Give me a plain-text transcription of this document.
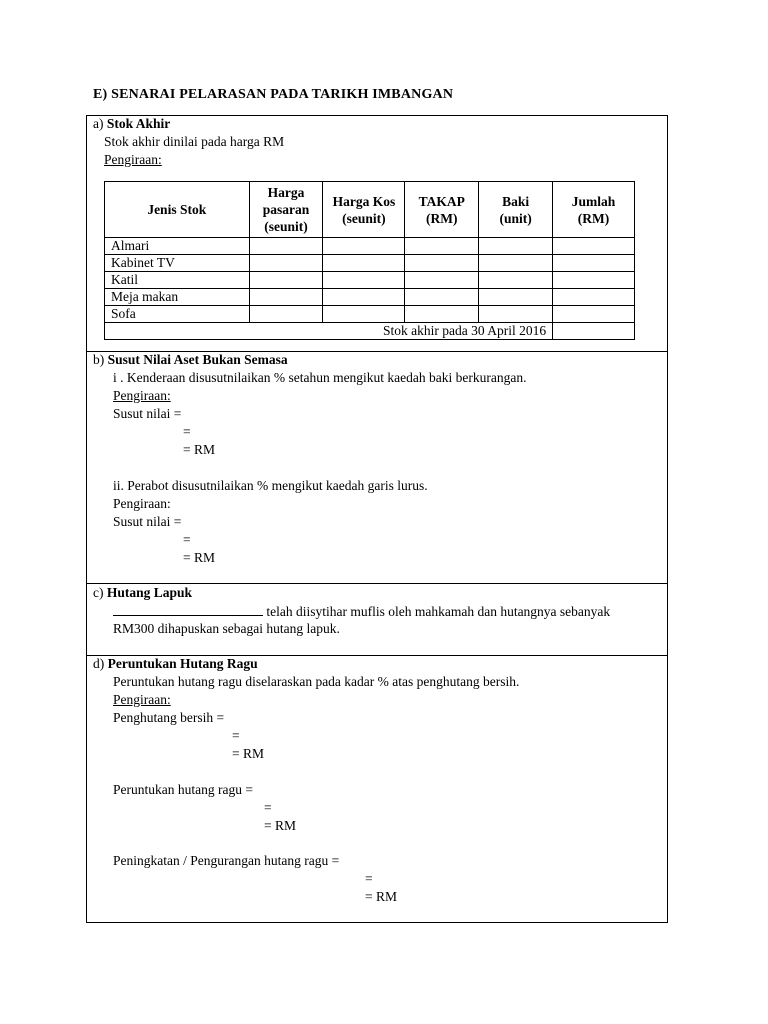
E) SENARAI PELARASAN PADA TARIKH IMBANGAN
a) Stok Akhir
Stok akhir dinilai pada harga RM
Pengiraan:
Jenis Stok	Harga pasaran (seunit)	Harga Kos (seunit)	TAKAP (RM)	Baki (unit)	Jumlah (RM)
Almari					
Kabinet TV					
Katil					
Meja makan					
Sofa					
Stok akhir pada 30 April 2016					
b) Susut Nilai Aset Bukan Semasa
i . Kenderaan disusutnilaikan % setahun mengikut kaedah baki berkurangan.
Pengiraan:
Susut nilai =
=
= RM
ii. Perabot disusutnilaikan % mengikut kaedah garis lurus.
Pengiraan:
Susut nilai =
=
= RM
c) Hutang Lapuk
telah diisytihar muflis oleh mahkamah dan hutangnya sebanyak
RM300 dihapuskan sebagai hutang lapuk.
d) Peruntukan Hutang Ragu
Peruntukan hutang ragu diselaraskan pada kadar % atas penghutang bersih.
Pengiraan:
Penghutang bersih =
=
= RM
Peruntukan hutang ragu =
=
= RM
Peningkatan / Pengurangan hutang ragu =
=
= RM
